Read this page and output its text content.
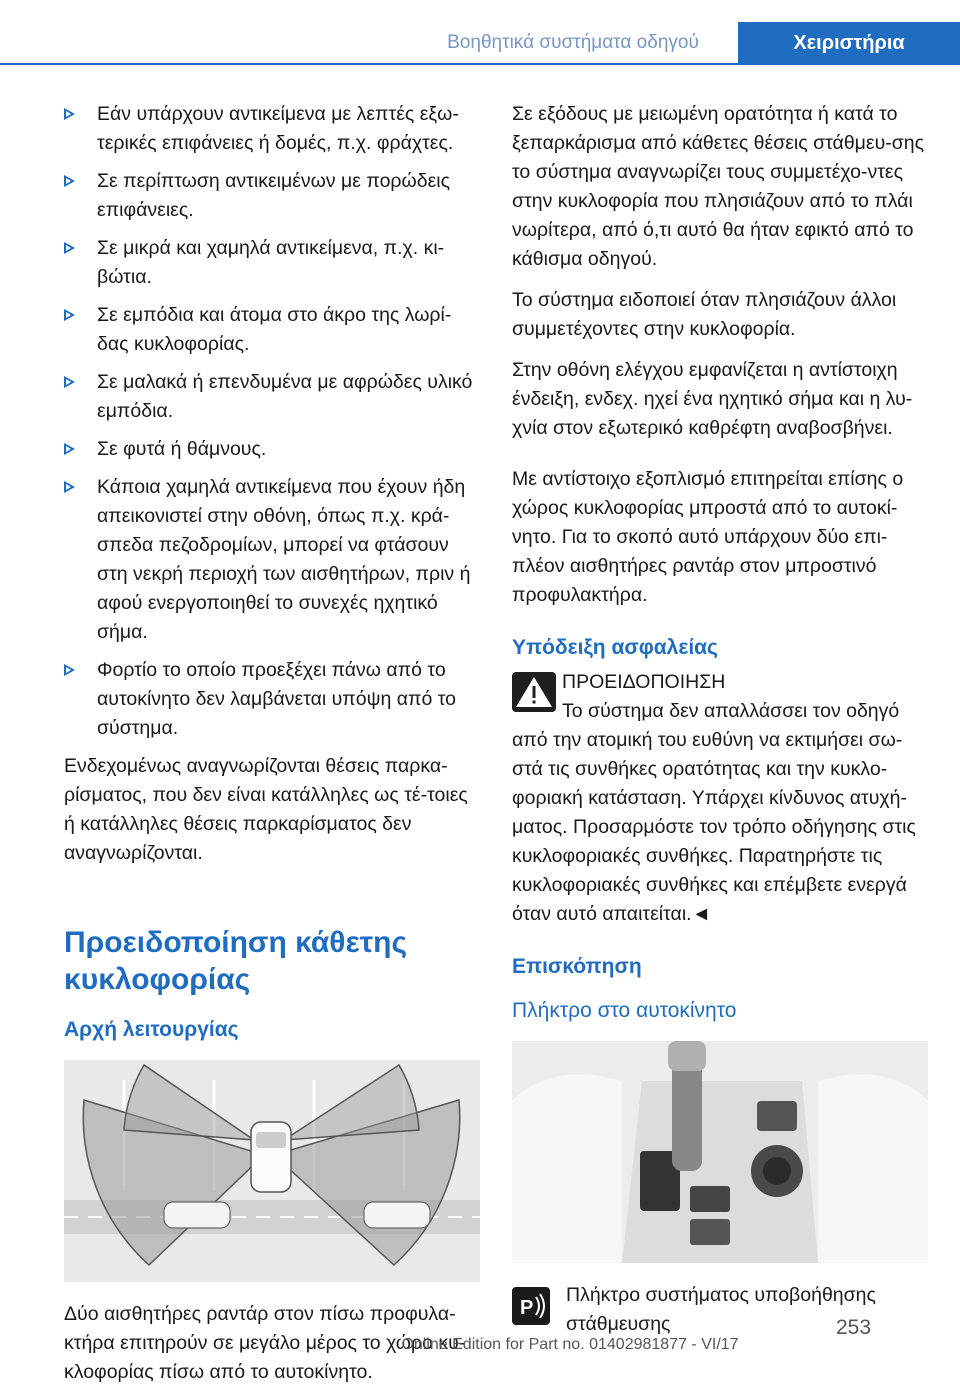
Βοηθητικά συστήματα οδηγού	Χειριστήρια
Εάν υπάρχουν αντικείμενα με λεπτές εξω-τερικές επιφάνειες ή δομές, π.χ. φράχτες.
Σε περίπτωση αντικειμένων με πορώδεις επιφάνειες.
Σε μικρά και χαμηλά αντικείμενα, π.χ. κι-βώτια.
Σε εμπόδια και άτομα στο άκρο της λωρί-δας κυκλοφορίας.
Σε μαλακά ή επενδυμένα με αφρώδες υλικό εμπόδια.
Σε φυτά ή θάμνους.
Κάποια χαμηλά αντικείμενα που έχουν ήδη απεικονιστεί στην οθόνη, όπως π.χ. κρά-σπεδα πεζοδρομίων, μπορεί να φτάσουν στη νεκρή περιοχή των αισθητήρων, πριν ή αφού ενεργοποιηθεί το συνεχές ηχητικό σήμα.
Φορτίο το οποίο προεξέχει πάνω από το αυτοκίνητο δεν λαμβάνεται υπόψη από το σύστημα.

Ενδεχομένως αναγνωρίζονται θέσεις παρκα-ρίσματος, που δεν είναι κατάλληλες ως τέ-τοιες ή κατάλληλες θέσεις παρκαρίσματος δεν αναγνωρίζονται.

Προειδοποίηση κάθετης κυκλοφορίας
Αρχή λειτουργίας

Δύο αισθητήρες ραντάρ στον πίσω προφυλα-κτήρα επιτηρούν σε μεγάλο μέρος το χώρο κυ-κλοφορίας πίσω από το αυτοκίνητο.

Σε εξόδους με μειωμένη ορατότητα ή κατά το ξεπαρκάρισμα από κάθετες θέσεις στάθμευ-σης το σύστημα αναγνωρίζει τους συμμετέχο-ντες στην κυκλοφορία που πλησιάζουν από το πλάι νωρίτερα, από ό,τι αυτό θα ήταν εφικτό από το κάθισμα οδηγού.

Το σύστημα ειδοποιεί όταν πλησιάζουν άλλοι συμμετέχοντες στην κυκλοφορία.

Στην οθόνη ελέγχου εμφανίζεται η αντίστοιχη ένδειξη, ενδεχ. ηχεί ένα ηχητικό σήμα και η λυ-χνία στον εξωτερικό καθρέφτη αναβοσβήνει.

Με αντίστοιχο εξοπλισμό επιτηρείται επίσης ο χώρος κυκλοφορίας μπροστά από το αυτοκί-νητο. Για το σκοπό αυτό υπάρχουν δύο επι-πλέον αισθητήρες ραντάρ στον μπροστινό προφυλακτήρα.

Υπόδειξη ασφαλείας

ΠΡΟΕΙΔΟΠΟΙΗΣΗ

Το σύστημα δεν απαλλάσσει τον οδηγό από την ατομική του ευθύνη να εκτιμήσει σω-στά τις συνθήκες ορατότητας και την κυκλο-φοριακή κατάσταση. Υπάρχει κίνδυνος ατυχή-ματος. Προσαρμόστε τον τρόπο οδήγησης στις κυκλοφοριακές συνθήκες. Παρατηρήστε τις κυκλοφοριακές συνθήκες και επέμβετε ενεργά όταν αυτό απαιτείται.◄

Επισκόπηση
Πλήκτρο στο αυτοκίνητο
P

Πλήκτρο συστήματος υποβοήθησης στάθμευσης	253
Online Edition for Part no. 01402981877 - VI/17
